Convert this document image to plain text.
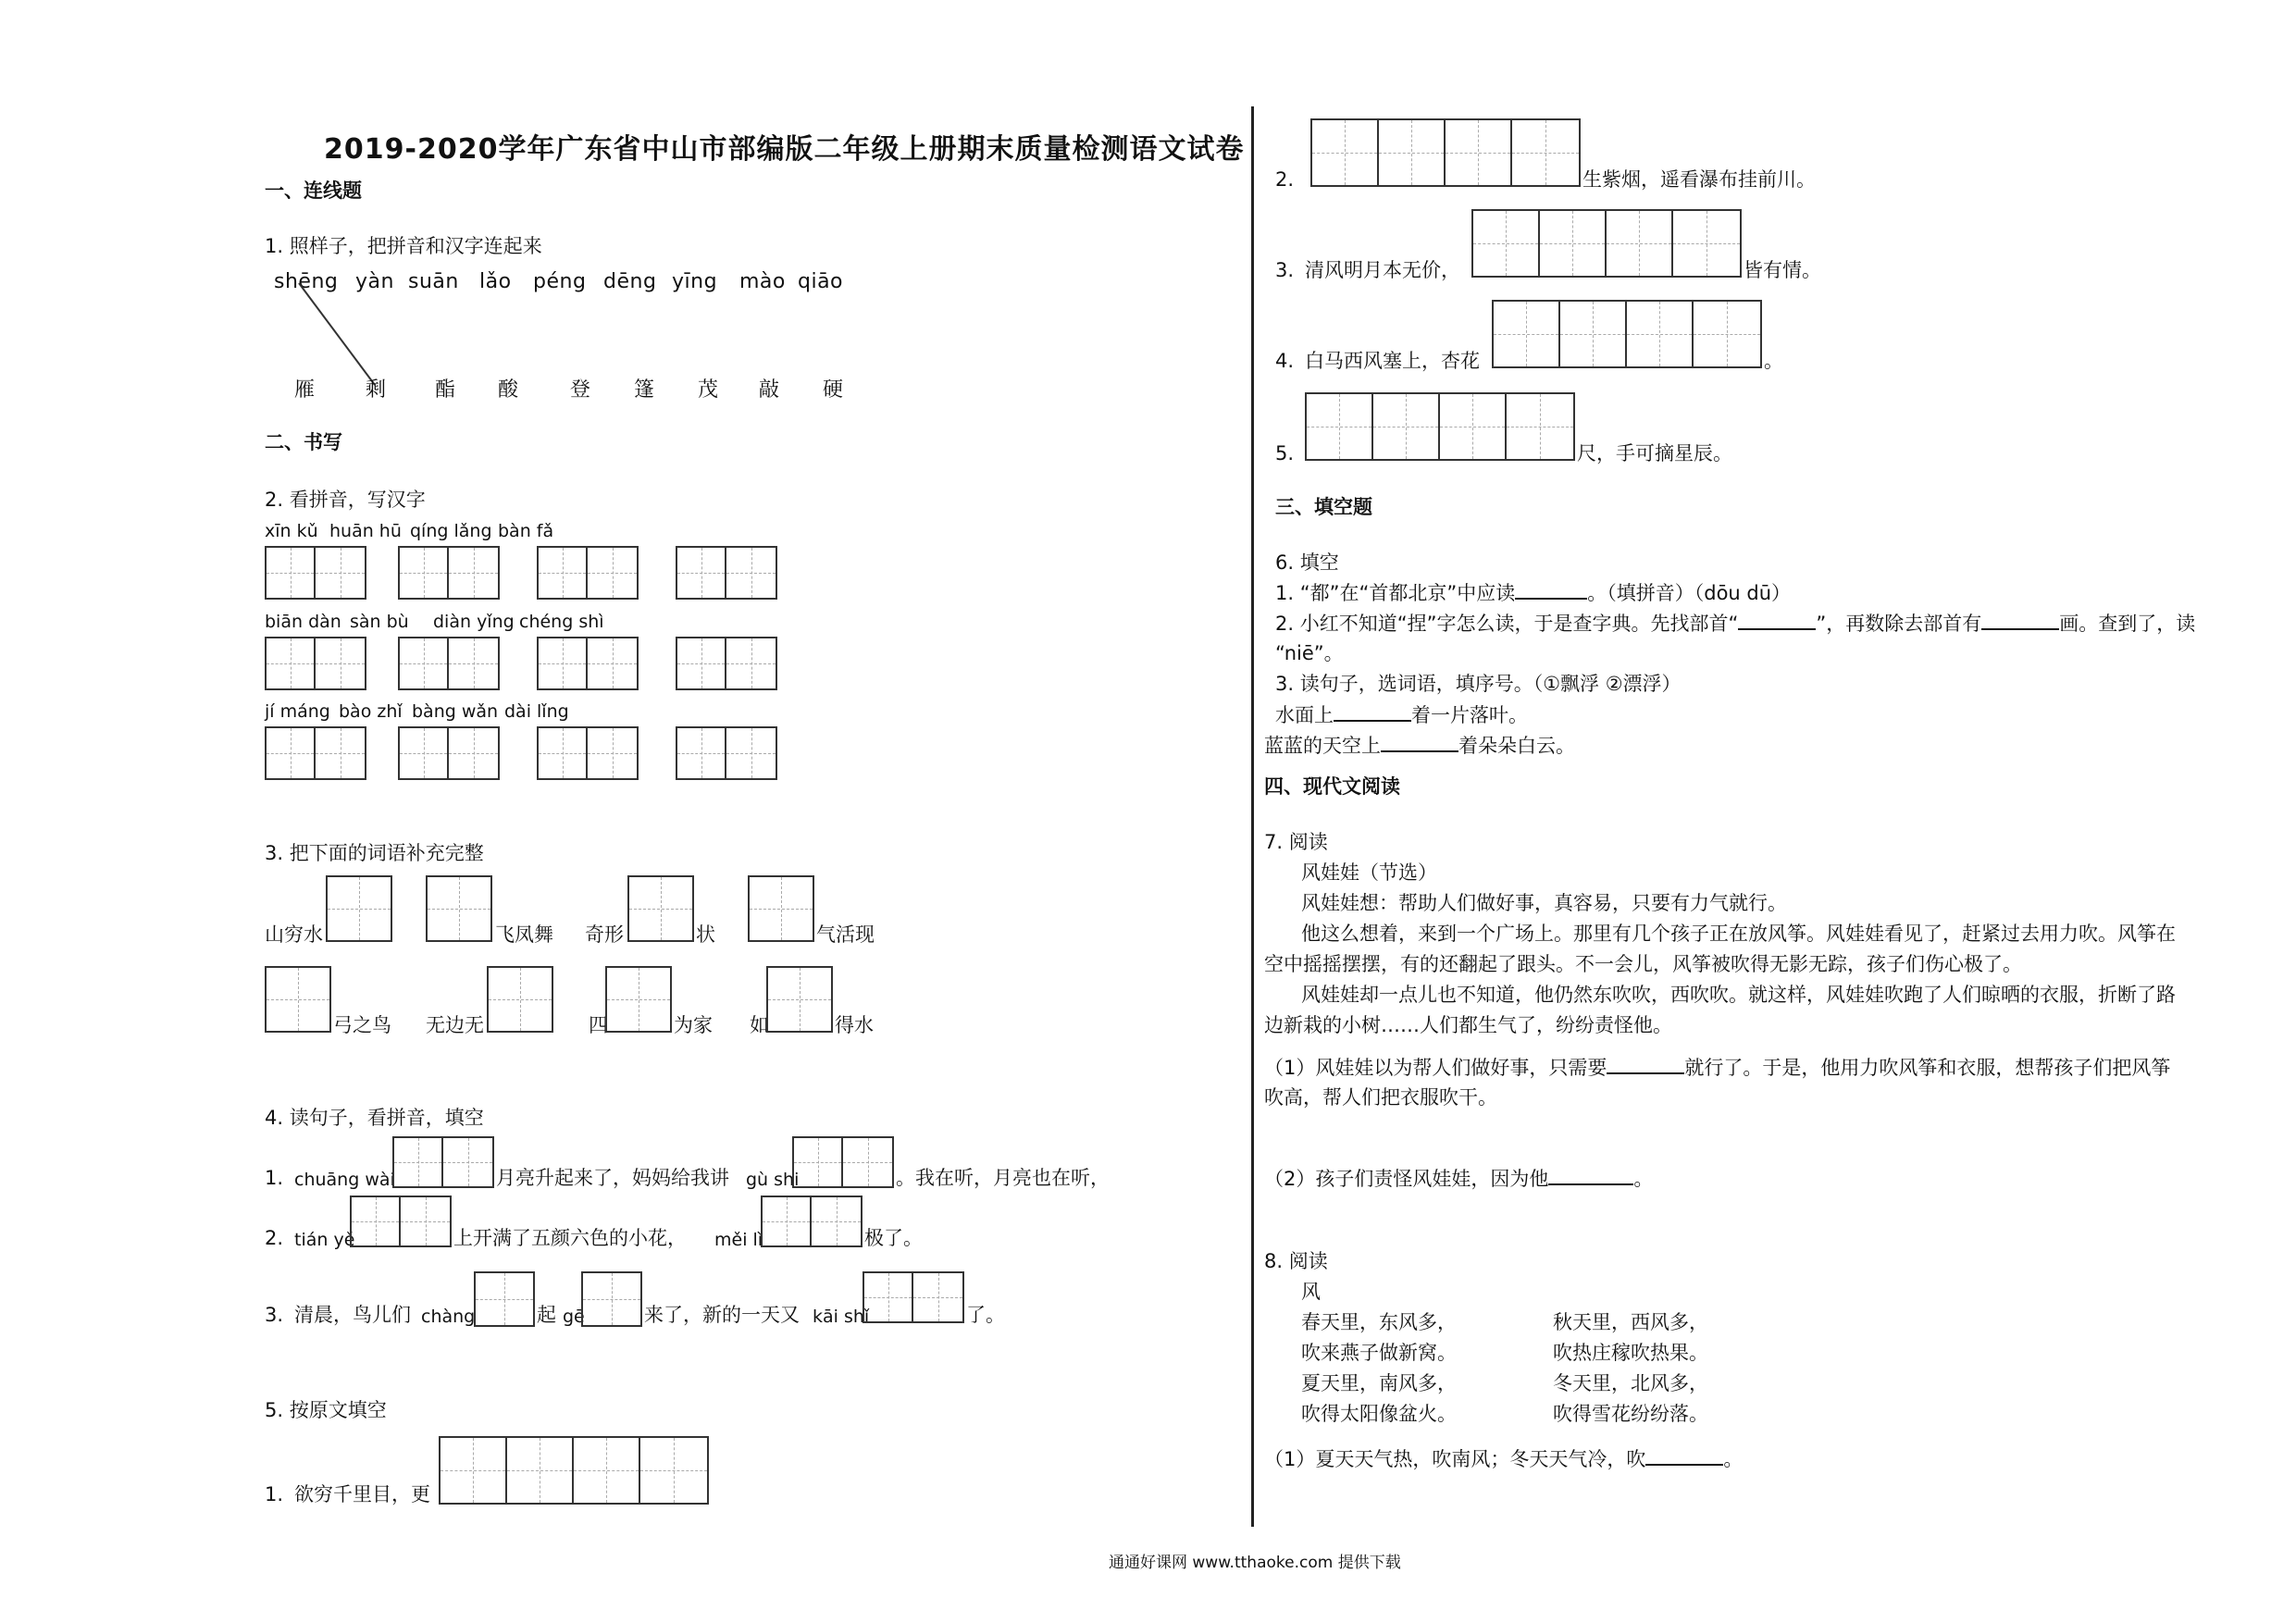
2019-2020学年广东省中山市部编版二年级上册期末质量检测语文试卷
一、连线题
1. 照样子，把拼音和汉字连起来
shēng yàn suān lǎo péng dēng yīng mào qiāo
雁 剩 酯 酸	登 篷 茂 敲 硬
二、书写
2. 看拼音，写汉字
xīn kǔ huān hū qíng lǎng bàn fǎ
biān dàn sàn bù diàn yǐng chéng shì
jí máng bào zhǐ bàng wǎn dài lǐng
3. 把下面的词语补充完整
山穷水	飞凤舞 奇形	状	气活现
弓之鸟 无边无	四	为家 如	得水
4. 读句子，看拼音，填空
1. chuāng wài	月亮升起来了，妈妈给我讲 gù shi	。我在听，月亮也在听，
2. tián yě	上开满了五颜六色的小花， měi lì	极了。
3. 清晨，鸟儿们 chàng	起 gē	来了，新的一天又 kāi shǐ	了。
5. 按原文填空
1. 欲穷千里目，更
2.	生紫烟，遥看瀑布挂前川。
3. 清风明月本无价，	皆有情。
4. 白马西风塞上，杏花	。
5.	尺，手可摘星辰。
三、填空题
6. 填空
1. “都”在“首都北京”中应读	。（填拼音）（dōu dū）
2. 小红不知道“捏”字怎么读，于是查字典。先找部首“	”，再数除去部首有	画。查到了，读
“niē”。
3. 读句子，选词语，填序号。（①飘浮 ②漂浮）
水面上	着一片落叶。
蓝蓝的天空上	着朵朵白云。
四、现代文阅读
7. 阅读
风娃娃（节选）
风娃娃想：帮助人们做好事，真容易，只要有力气就行。
他这么想着，来到一个广场上。那里有几个孩子正在放风筝。风娃娃看见了，赶紧过去用力吹。风筝在
空中摇摇摆摆，有的还翻起了跟头。不一会儿，风筝被吹得无影无踪，孩子们伤心极了。
风娃娃却一点儿也不知道，他仍然东吹吹，西吹吹。就这样，风娃娃吹跑了人们晾晒的衣服，折断了路
边新栽的小树……人们都生气了，纷纷责怪他。
（1）风娃娃以为帮人们做好事，只需要	就行了。于是，他用力吹风筝和衣服，想帮孩子们把风筝
吹高，帮人们把衣服吹干。
（2）孩子们责怪风娃娃，因为他	。
8. 阅读
风
春天里，东风多，
吹来燕子做新窝。
夏天里，南风多，
吹得太阳像盆火。
秋天里，西风多，
吹热庄稼吹热果。
冬天里，北风多，
吹得雪花纷纷落。
（1）夏天天气热，吹南风；冬天天气冷，吹	。
通通好课网 www.tthaoke.com 提供下载
